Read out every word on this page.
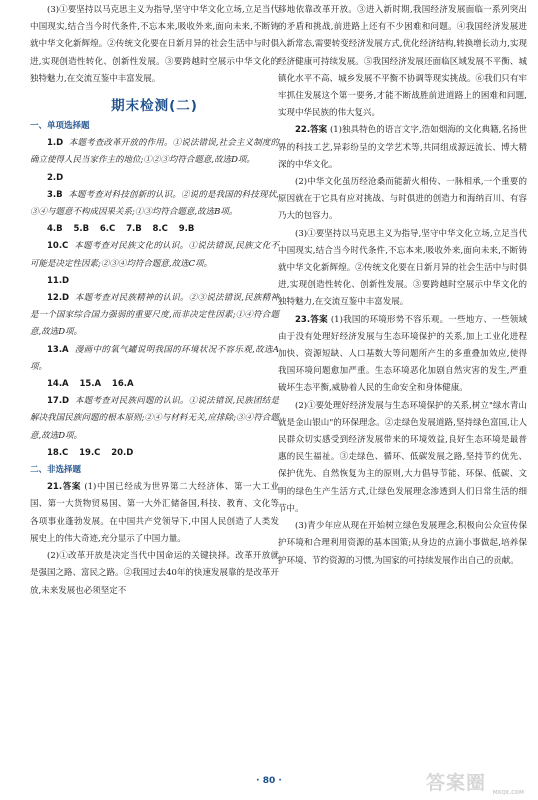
(3)①要坚持以马克思主义为指导,坚守中华文化立场,立足当代中国现实,结合当今时代条件,不忘本来,吸收外来,面向未来,不断铸就中华文化新辉煌。②传统文化要在日新月异的社会生活中与时俱进,实现创造性转化、创新性发展。③要跨越时空展示中华文化的独特魅力,在交流互鉴中丰富发展。

期末检测(二)
一、单项选择题

1.D 本题考查改革开放的作用。①说法错误,社会主义制度的确立使得人民当家作主的地位;①②③均符合题意,故选D项。

2.D

3.B 本题考查对科技创新的认识。②说的是我国的科技现状,③④与题意不构成因果关系;①③均符合题意,故选B项。

4.B 5.B 6.C 7.B 8.C 9.B

10.C 本题考查对民族文化的认识。①说法错误,民族文化不可能是决定性因素;②③④均符合题意,故选C项。

11.D

12.D 本题考查对民族精神的认识。②③说法错误,民族精神是一个国家综合国力强弱的重要尺度,而非决定性因素;①④符合题意,故选D项。

13.A 漫画中的氧气罐说明我国的环境状况不容乐观,故选A项。

14.A 15.A 16.A

17.D 本题考查对民族问题的认识。①说法错误,民族团结是解决我国民族问题的根本原则;②④与材料无关,应排除;③④符合题意,故选D项。

18.C 19.C 20.D

二、非选择题

21.答案 (1)中国已经成为世界第二大经济体、第一大工业国、第一大货物贸易国、第一大外汇储备国,科技、教育、文化等各项事业蓬勃发展。在中国共产党领导下,中国人民创造了人类发展史上的伟大奇迹,充分显示了中国力量。

(2)①改革开放是决定当代中国命运的关键抉择。改革开放就是强国之路、富民之路。②我国过去40年的快速发展靠的是改革开放,未来发展也必须坚定不

移地依靠改革开放。③进入新时期,我国经济发展面临一系列突出的矛盾和挑战,前进路上还有不少困难和问题。④我国经济发展进入新常态,需要转变经济发展方式,优化经济结构,转换增长动力,实现经济健康可持续发展。⑤我国经济发展还面临区域发展不平衡、城镇化水平不高、城乡发展不平衡不协调等现实挑战。⑥我们只有牢牢抓住发展这个第一要务,才能不断战胜前进道路上的困难和问题,实现中华民族的伟大复兴。

22.答案 (1)独具特色的语言文字,浩如烟海的文化典籍,名扬世界的科技工艺,异彩纷呈的文学艺术等,共同组成源远流长、博大精深的中华文化。

(2)中华文化虽历经沧桑而能薪火相传、一脉相承,一个重要的原因就在于它具有应对挑战、与时俱进的创造力和海纳百川、有容乃大的包容力。

(3)①要坚持以马克思主义为指导,坚守中华文化立场,立足当代中国现实,结合当今时代条件,不忘本来,吸收外来,面向未来,不断铸就中华文化新辉煌。②传统文化要在日新月异的社会生活中与时俱进,实现创造性转化、创新性发展。③要跨越时空展示中华文化的独特魅力,在交流互鉴中丰富发展。

23.答案 (1)我国的环境形势不容乐观。一些地方、一些领域由于没有处理好经济发展与生态环境保护的关系,加上工业化进程加快、资源短缺、人口基数大等问题所产生的多重叠加效应,使得我国环境问题愈加严重。生态环境恶化加剧自然灾害的发生,严重破坏生态平衡,威胁着人民的生命安全和身体健康。

(2)①要处理好经济发展与生态环境保护的关系,树立"绿水青山就是金山银山"的环保理念。②走绿色发展道路,坚持绿色富国,让人民群众切实感受到经济发展带来的环境效益,良好生态环境是最普惠的民生福祉。③走绿色、循环、低碳发展之路,坚持节约优先、保护优先、自然恢复为主的原则,大力倡导节能、环保、低碳、文明的绿色生产生活方式,让绿色发展理念渗透到人们日常生活的细节中。

(3)青少年应从现在开始树立绿色发展理念,积极向公众宣传保护环境和合理利用资源的基本国策;从身边的点滴小事做起,培养保护环境、节约资源的习惯,为国家的可持续发展作出自己的贡献。

· 80 ·	答案圈 MXQE.COM
